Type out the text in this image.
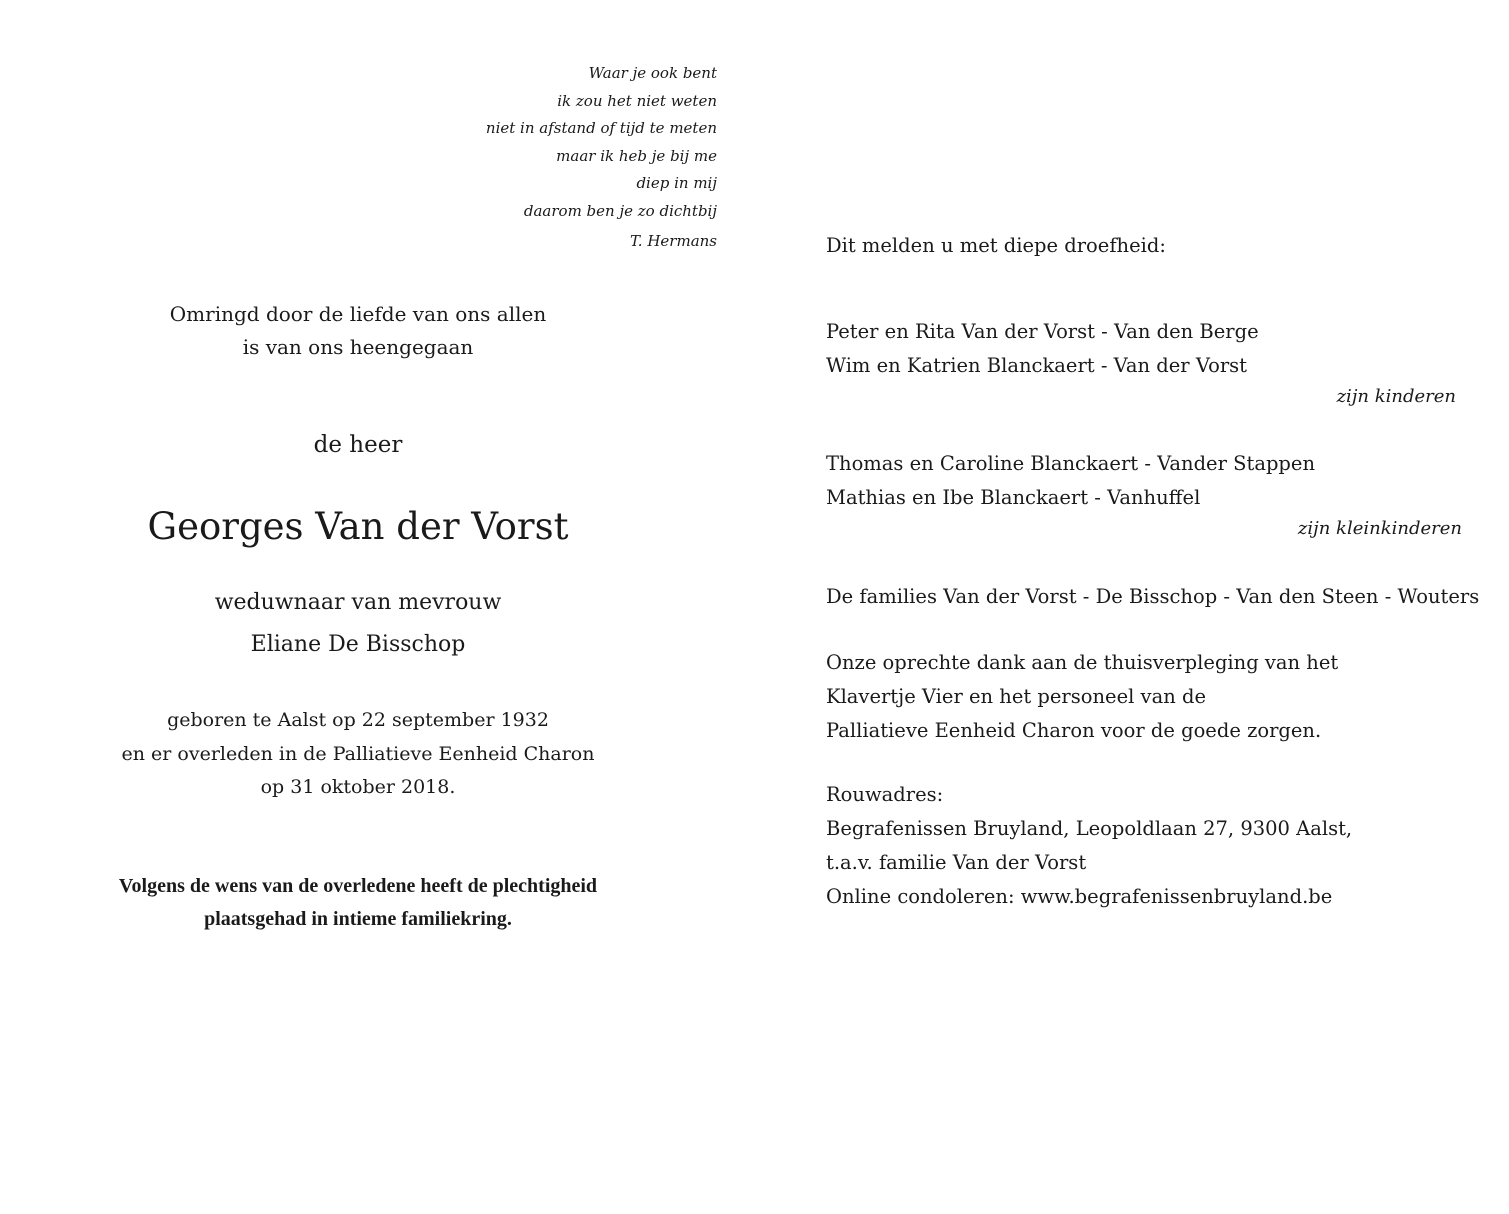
Waar je ook bent
ik zou het niet weten
niet in afstand of tijd te meten
maar ik heb je bij me
diep in mij
daarom ben je zo dichtbij
T. Hermans
Omringd door de liefde van ons allen
is van ons heengegaan
de heer
Georges Van der Vorst
weduwnaar van mevrouw
Eliane De Bisschop
geboren te Aalst op 22 september 1932
en er overleden in de Palliatieve Eenheid Charon
op 31 oktober 2018.
Volgens de wens van de overledene heeft de plechtigheid
plaatsgehad in intieme familiekring.
Dit melden u met diepe droefheid:
Peter en Rita Van der Vorst - Van den Berge
Wim en Katrien Blanckaert - Van der Vorst
zijn kinderen
Thomas en Caroline Blanckaert - Vander Stappen
Mathias en Ibe Blanckaert - Vanhuffel
zijn kleinkinderen
De families Van der Vorst - De Bisschop - Van den Steen - Wouters
Onze oprechte dank aan de thuisverpleging van het
Klavertje Vier en het personeel van de
Palliatieve Eenheid Charon voor de goede zorgen.
Rouwadres:
Begrafenissen Bruyland, Leopoldlaan 27, 9300 Aalst,
t.a.v. familie Van der Vorst
Online condoleren: www.begrafenissenbruyland.be
